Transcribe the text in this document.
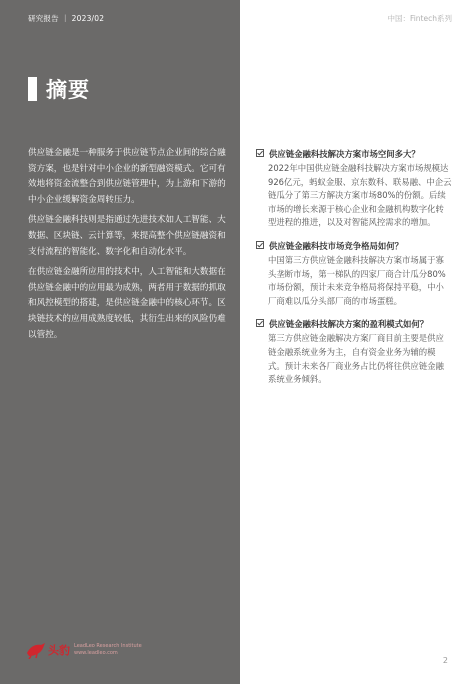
研究报告 ｜ 2023/02	中国：Fintech系列
摘要

供应链金融是一种服务于供应链节点企业间的综合融资方案，也是针对中小企业的新型融资模式。它可有效地将资金流整合到供应链管理中，为上游和下游的中小企业缓解资金周转压力。

供应链金融科技则是指通过先进技术如人工智能、大数据、区块链、云计算等，来提高整个供应链融资和支付流程的智能化、数字化和自动化水平。

在供应链金融所应用的技术中，人工智能和大数据在供应链金融中的应用最为成熟，两者用于数据的抓取和风控模型的搭建，是供应链金融中的核心环节。区块链技术的应用成熟度较低，其衍生出来的风险仍难以管控。

供应链金融科技解决方案市场空间多大？
2022年中国供应链金融科技解决方案市场规模达926亿元，蚂蚁金服、京东数科、联易融、中企云链瓜分了第三方解决方案市场80%的份额。后续市场的增长来源于核心企业和金融机构数字化转型进程的推进，以及对智能风控需求的增加。
供应链金融科技市场竞争格局如何？
中国第三方供应链金融科技解决方案市场属于寡头垄断市场，第一梯队的四家厂商合计瓜分80%市场份额，预计未来竞争格局将保持平稳，中小厂商难以瓜分头部厂商的市场蛋糕。
供应链金融科技解决方案的盈利模式如何？
第三方供应链金融解决方案厂商目前主要是供应链金融系统业务为主，自有资金业务为辅的模式。预计未来各厂商业务占比仍将往供应链金融系统业务倾斜。
头豹 LeadLeo Research Institute
www.leadleo.com
2
